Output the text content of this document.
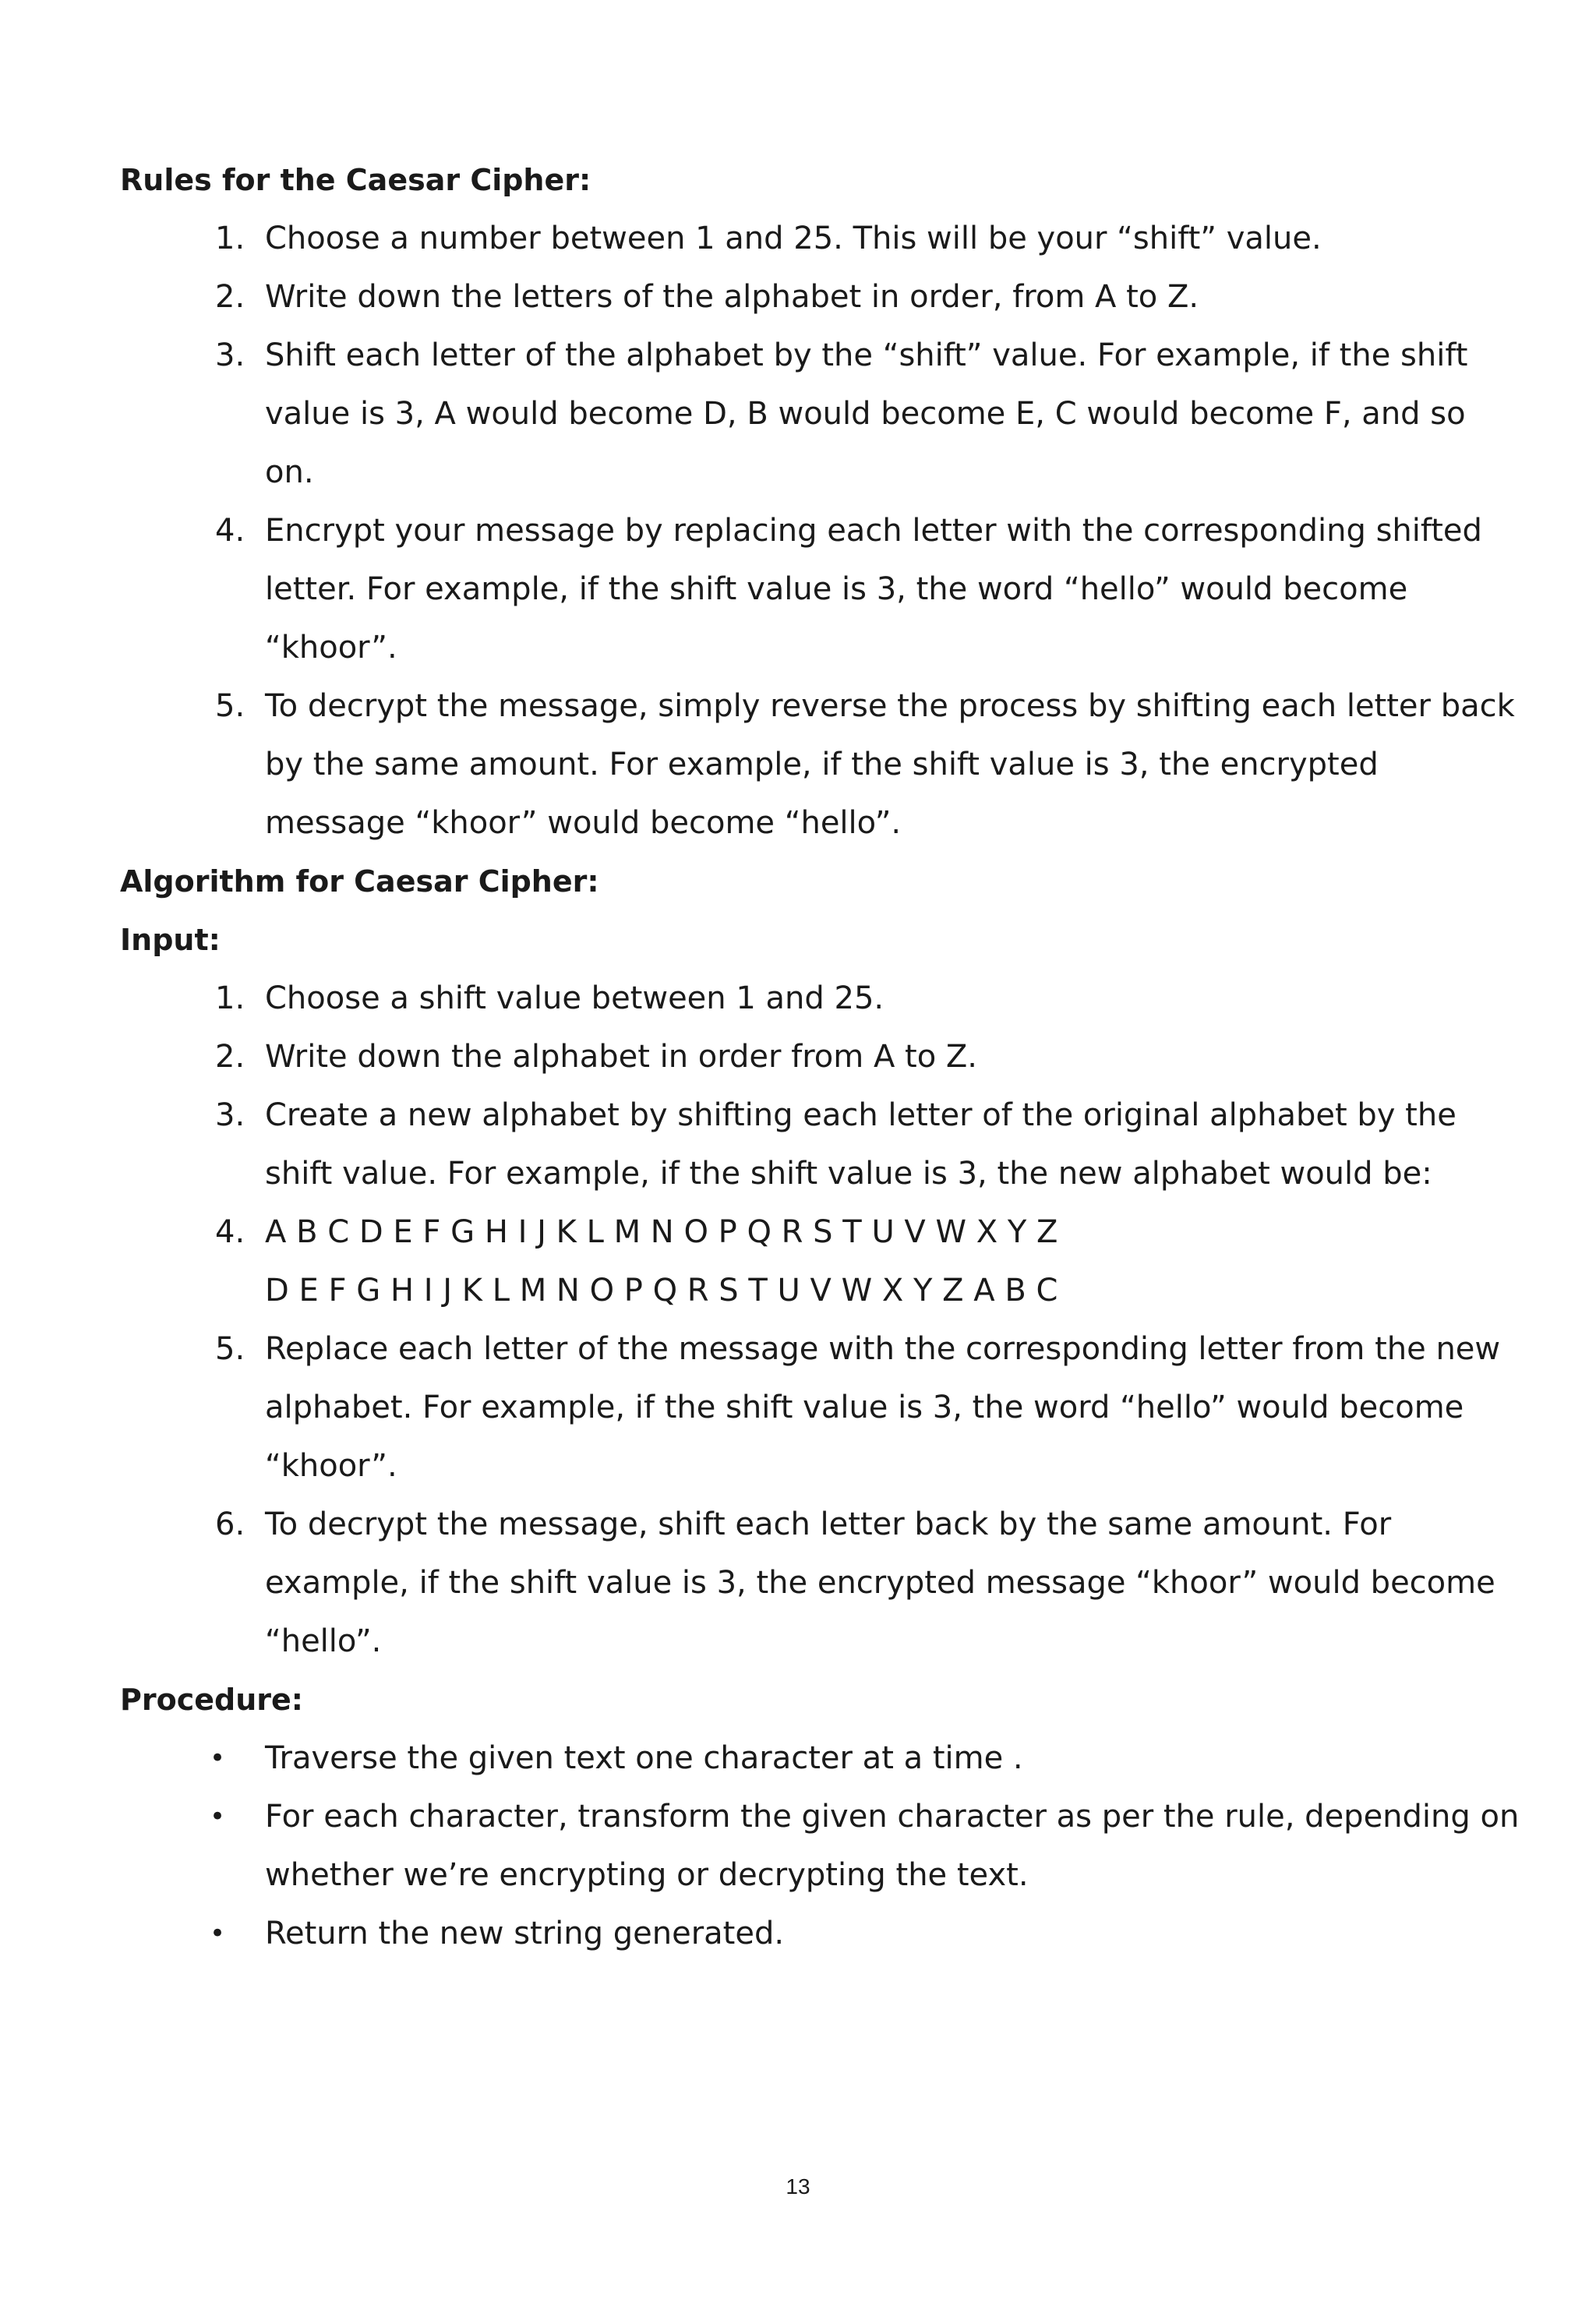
Rules for the Caesar Cipher:

1. Choose a number between 1 and 25. This will be your “shift” value.
2. Write down the letters of the alphabet in order, from A to Z.
3. Shift each letter of the alphabet by the “shift” value. For example, if the shift value is 3, A would become D, B would become E, C would become F, and so on.
4. Encrypt your message by replacing each letter with the corresponding shifted letter. For example, if the shift value is 3, the word “hello” would become “khoor”.
5. To decrypt the message, simply reverse the process by shifting each letter back by the same amount. For example, if the shift value is 3, the encrypted message “khoor” would become “hello”.

Algorithm for Caesar Cipher:

Input:

1. Choose a shift value between 1 and 25.
2. Write down the alphabet in order from A to Z.
3. Create a new alphabet by shifting each letter of the original alphabet by the shift value. For example, if the shift value is 3, the new alphabet would be:
4. A B C D E F G H I J K L M N O P Q R S T U V W X Y Z
D E F G H I J K L M N O P Q R S T U V W X Y Z A B C
5. Replace each letter of the message with the corresponding letter from the new alphabet. For example, if the shift value is 3, the word “hello” would become “khoor”.
6. To decrypt the message, shift each letter back by the same amount. For example, if the shift value is 3, the encrypted message “khoor” would become “hello”.

Procedure:

• Traverse the given text one character at a time .
• For each character, transform the given character as per the rule, depending on whether we’re encrypting or decrypting the text.
• Return the new string generated.
13
